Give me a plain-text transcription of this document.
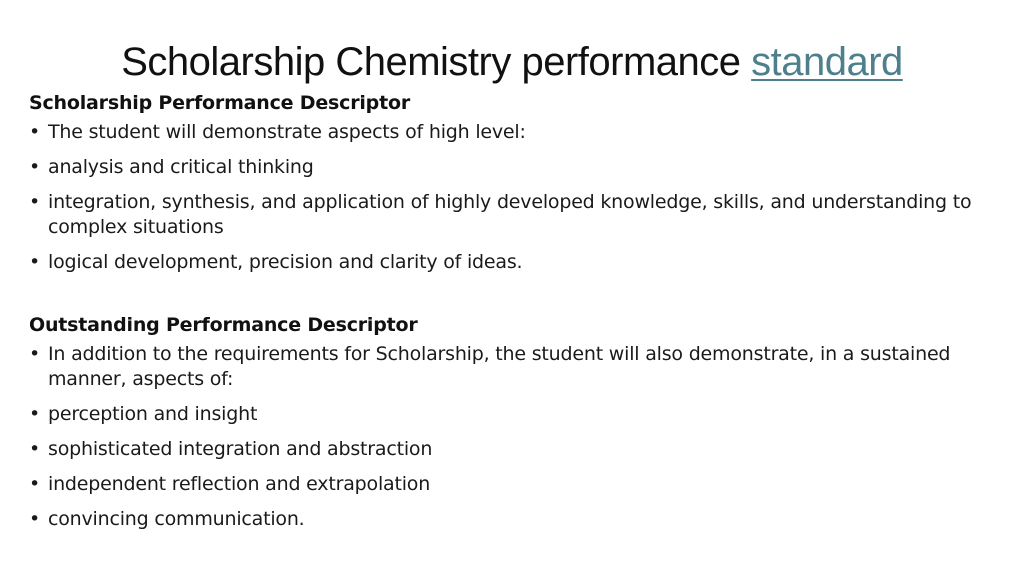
Scholarship Chemistry performance standard
Scholarship Performance Descriptor
• The student will demonstrate aspects of high level:
• analysis and critical thinking
• integration, synthesis, and application of highly developed knowledge, skills, and understanding to complex situations
• logical development, precision and clarity of ideas.
Outstanding Performance Descriptor
• In addition to the requirements for Scholarship, the student will also demonstrate, in a sustained manner, aspects of:
• perception and insight
• sophisticated integration and abstraction
• independent reflection and extrapolation
• convincing communication.
